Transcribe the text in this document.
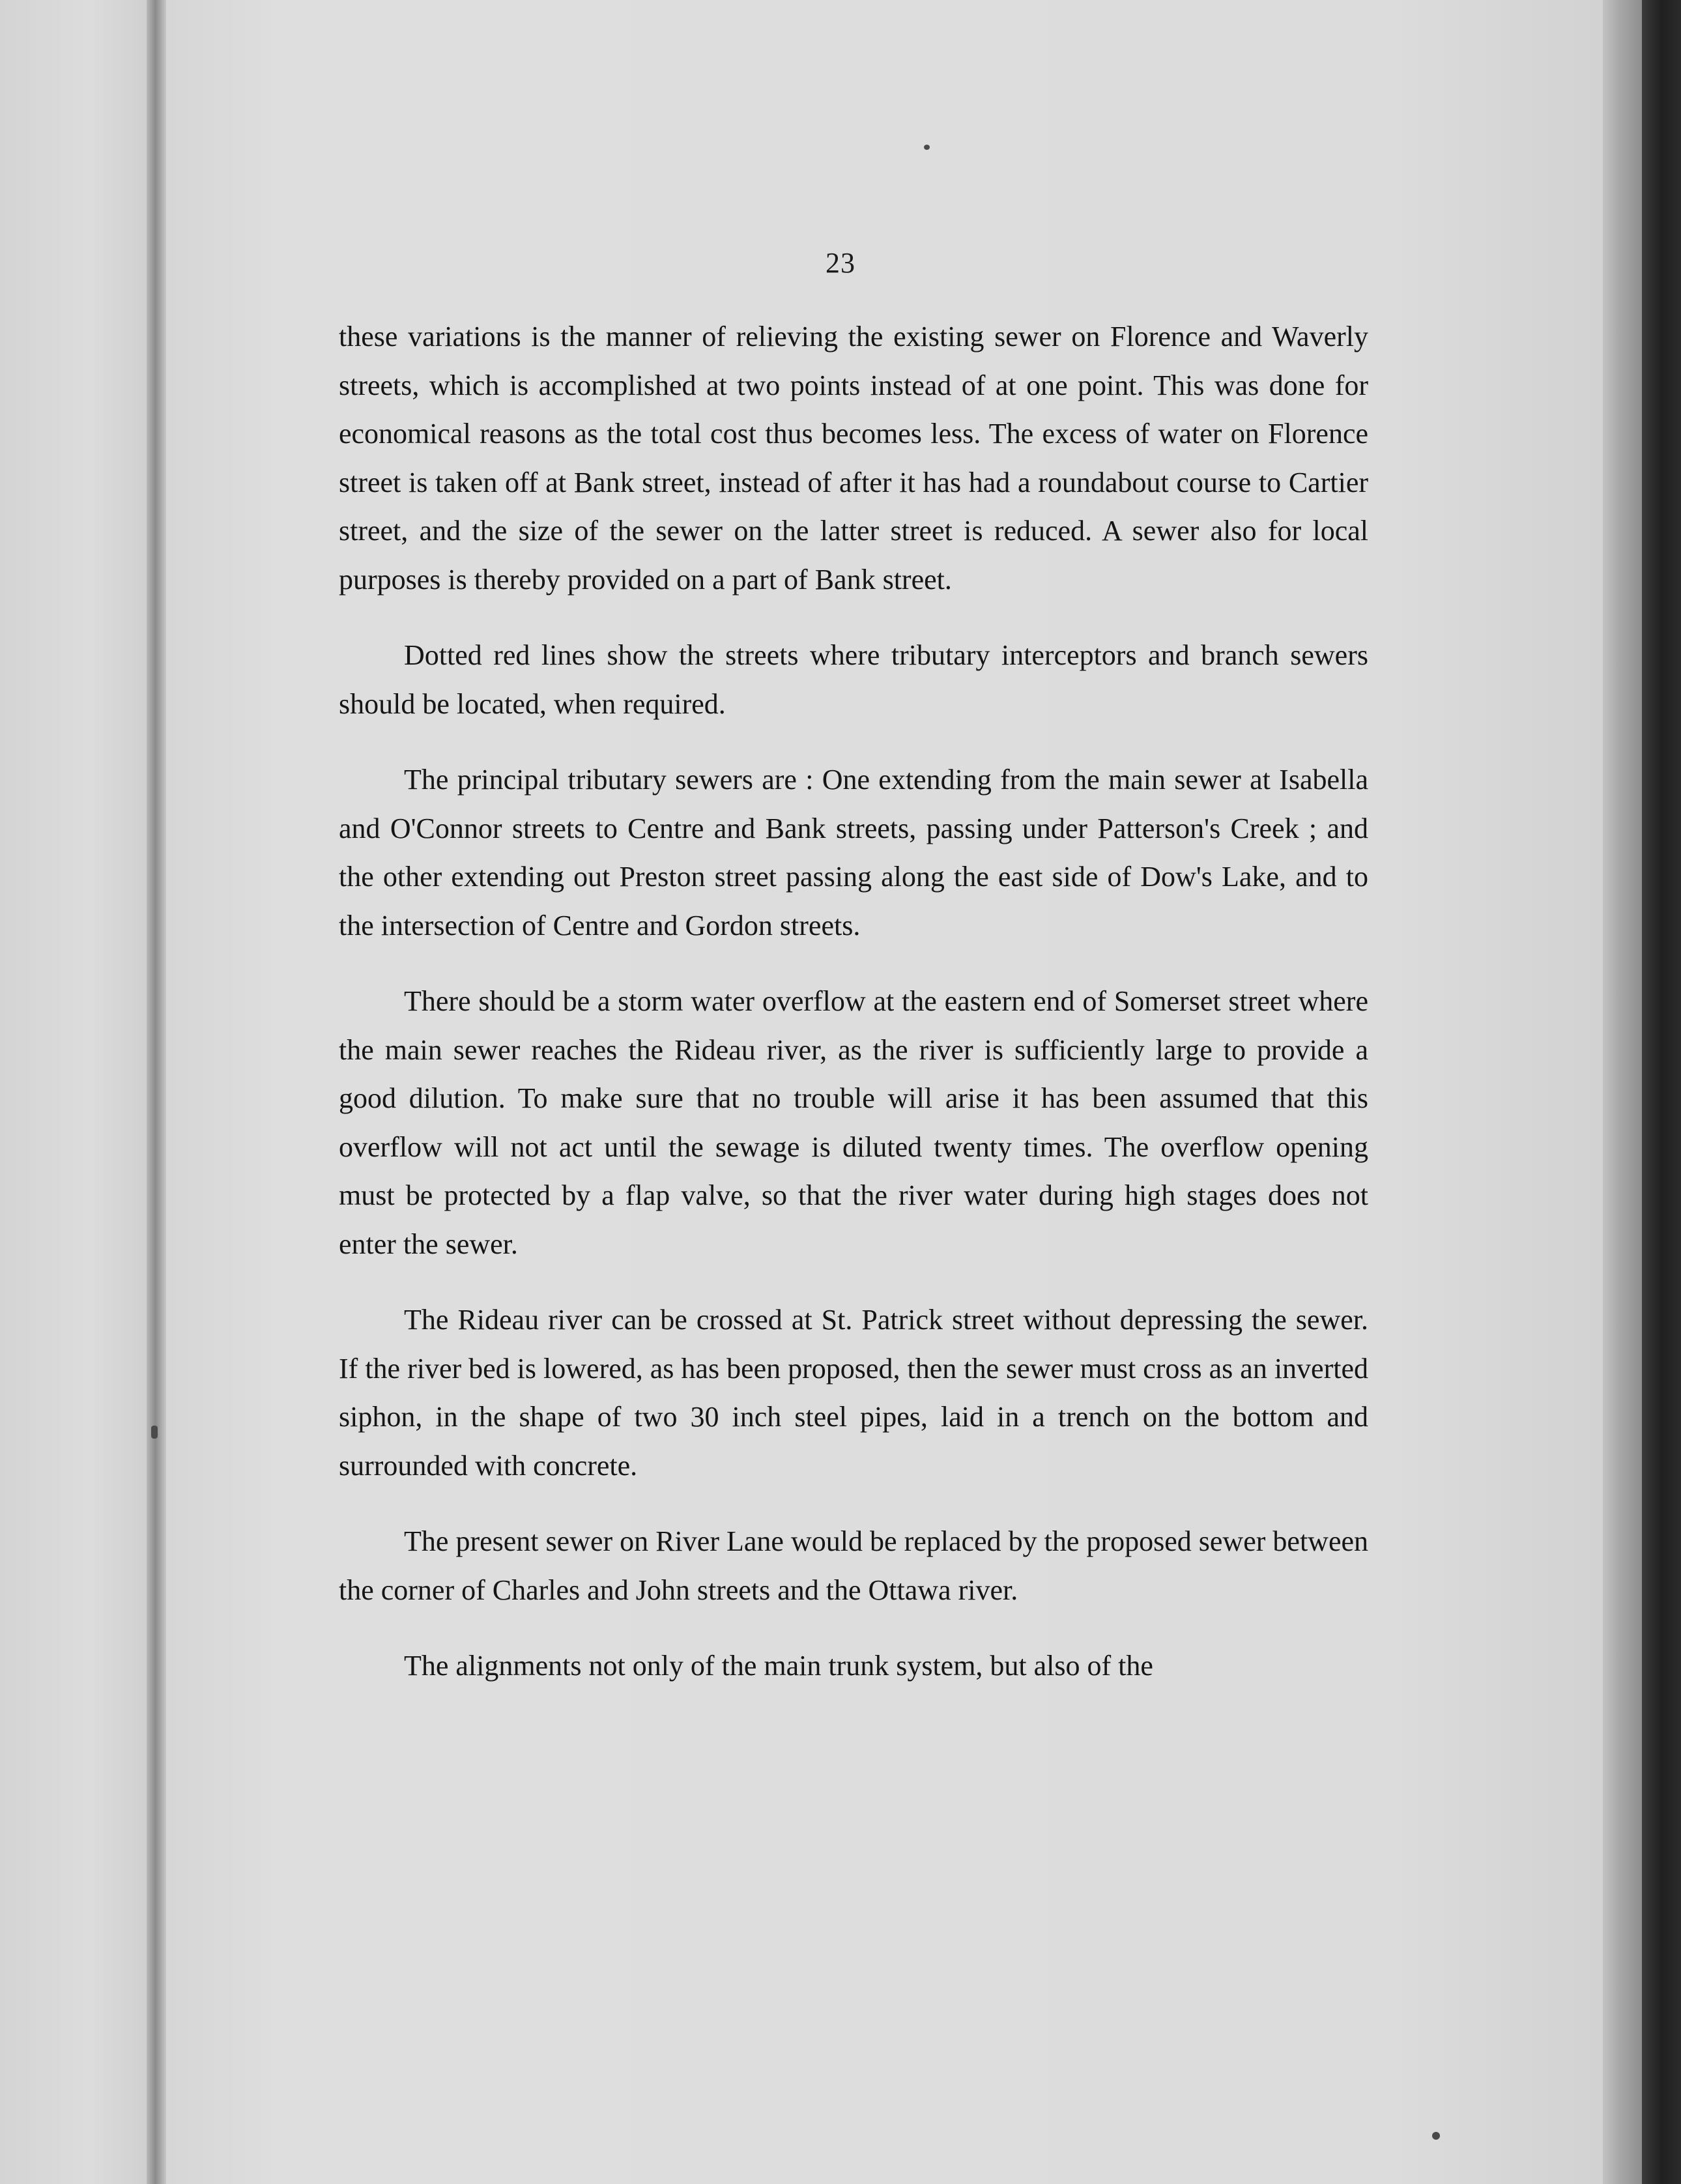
23

these variations is the manner of relieving the existing sewer on Florence and Waverly streets, which is accomplished at two points instead of at one point. This was done for economical reasons as the total cost thus becomes less. The excess of water on Florence street is taken off at Bank street, instead of after it has had a roundabout course to Cartier street, and the size of the sewer on the latter street is reduced. A sewer also for local purposes is thereby provided on a part of Bank street.

Dotted red lines show the streets where tributary interceptors and branch sewers should be located, when required.

The principal tributary sewers are : One extending from the main sewer at Isabella and O'Connor streets to Centre and Bank streets, passing under Patterson's Creek ; and the other extending out Preston street passing along the east side of Dow's Lake, and to the intersection of Centre and Gordon streets.

There should be a storm water overflow at the eastern end of Somerset street where the main sewer reaches the Rideau river, as the river is sufficiently large to provide a good dilution. To make sure that no trouble will arise it has been assumed that this overflow will not act until the sewage is diluted twenty times. The overflow opening must be protected by a flap valve, so that the river water during high stages does not enter the sewer.

The Rideau river can be crossed at St. Patrick street without depressing the sewer. If the river bed is lowered, as has been proposed, then the sewer must cross as an inverted siphon, in the shape of two 30 inch steel pipes, laid in a trench on the bottom and surrounded with concrete.

The present sewer on River Lane would be replaced by the proposed sewer between the corner of Charles and John streets and the Ottawa river.

The alignments not only of the main trunk system, but also of the
